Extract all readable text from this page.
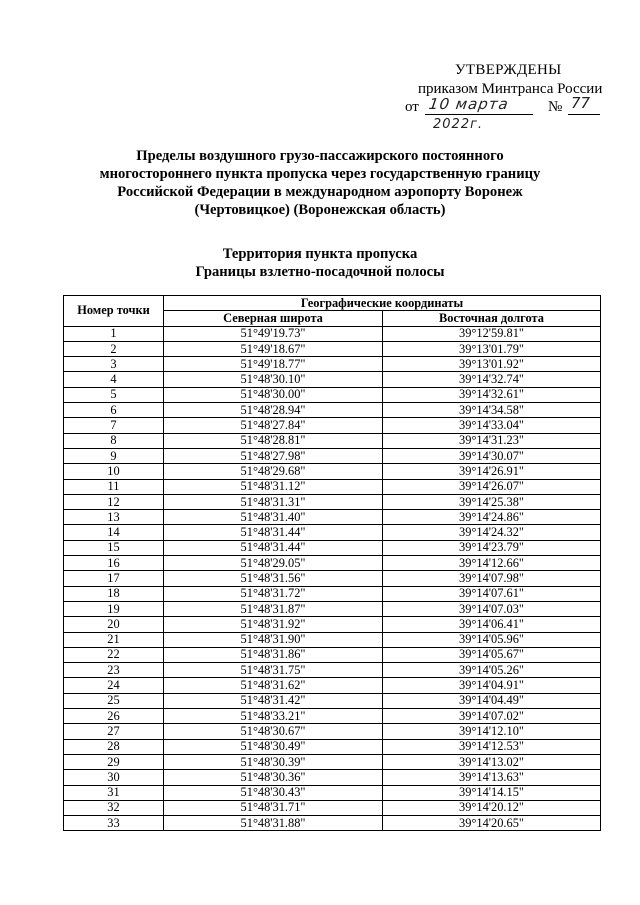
УТВЕРЖДЕНЫ
приказом Минтранса России
от 10 марта	№ 77
2022г.
Пределы воздушного грузо-пассажирского постоянного
многостороннего пункта пропуска через государственную границу
Российской Федерации в международном аэропорту Воронеж
(Чертовицкое) (Воронежская область)
Территория пункта пропуска
Границы взлетно-посадочной полосы
Номер точки	Географические координаты	
	Северная широта	Восточная долгота
1	51°49'19.73"	39°12'59.81"
2	51°49'18.67"	39°13'01.79"
3	51°49'18.77"	39°13'01.92"
4	51°48'30.10"	39°14'32.74"
5	51°48'30.00"	39°14'32.61"
6	51°48'28.94"	39°14'34.58"
7	51°48'27.84"	39°14'33.04"
8	51°48'28.81"	39°14'31.23"
9	51°48'27.98"	39°14'30.07"
10	51°48'29.68"	39°14'26.91"
11	51°48'31.12"	39°14'26.07"
12	51°48'31.31"	39°14'25.38"
13	51°48'31.40"	39°14'24.86"
14	51°48'31.44"	39°14'24.32"
15	51°48'31.44"	39°14'23.79"
16	51°48'29.05"	39°14'12.66"
17	51°48'31.56"	39°14'07.98"
18	51°48'31.72"	39°14'07.61"
19	51°48'31.87"	39°14'07.03"
20	51°48'31.92"	39°14'06.41"
21	51°48'31.90"	39°14'05.96"
22	51°48'31.86"	39°14'05.67"
23	51°48'31.75"	39°14'05.26"
24	51°48'31.62"	39°14'04.91"
25	51°48'31.42"	39°14'04.49"
26	51°48'33.21"	39°14'07.02"
27	51°48'30.67"	39°14'12.10"
28	51°48'30.49"	39°14'12.53"
29	51°48'30.39"	39°14'13.02"
30	51°48'30.36"	39°14'13.63"
31	51°48'30.43"	39°14'14.15"
32	51°48'31.71"	39°14'20.12"
33	51°48'31.88"	39°14'20.65"
